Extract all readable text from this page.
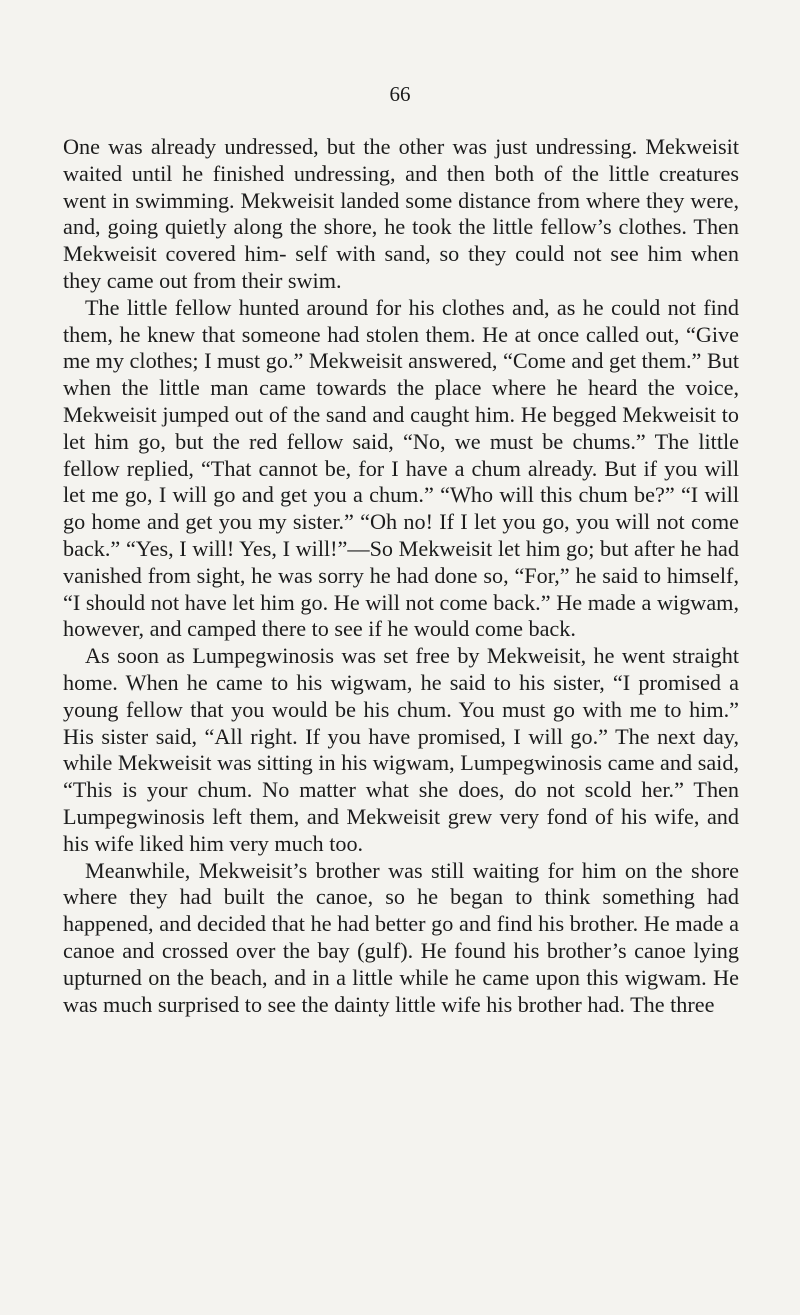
66

One was already undressed, but the other was just undressing. Mekweisit waited until he finished undressing, and then both of the little creatures went in swimming. Mekweisit landed some distance from where they were, and, going quietly along the shore, he took the little fellow’s clothes. Then Mekweisit covered him- self with sand, so they could not see him when they came out from their swim.

The little fellow hunted around for his clothes and, as he could not find them, he knew that someone had stolen them. He at once called out, “Give me my clothes; I must go.” Mekweisit answered, “Come and get them.” But when the little man came towards the place where he heard the voice, Mekweisit jumped out of the sand and caught him. He begged Mekweisit to let him go, but the red fellow said, “No, we must be chums.” The little fellow replied, “That cannot be, for I have a chum already. But if you will let me go, I will go and get you a chum.” “Who will this chum be?” “I will go home and get you my sister.” “Oh no! If I let you go, you will not come back.” “Yes, I will! Yes, I will!”—So Mekweisit let him go; but after he had vanished from sight, he was sorry he had done so, “For,” he said to himself, “I should not have let him go. He will not come back.” He made a wigwam, however, and camped there to see if he would come back.

As soon as Lumpegwinosis was set free by Mekweisit, he went straight home. When he came to his wigwam, he said to his sister, “I promised a young fellow that you would be his chum. You must go with me to him.” His sister said, “All right. If you have promised, I will go.” The next day, while Mekweisit was sitting in his wigwam, Lumpegwinosis came and said, “This is your chum. No matter what she does, do not scold her.” Then Lumpegwinosis left them, and Mekweisit grew very fond of his wife, and his wife liked him very much too.

Meanwhile, Mekweisit’s brother was still waiting for him on the shore where they had built the canoe, so he began to think something had happened, and decided that he had better go and find his brother. He made a canoe and crossed over the bay (gulf). He found his brother’s canoe lying upturned on the beach, and in a little while he came upon this wigwam. He was much surprised to see the dainty little wife his brother had. The three
